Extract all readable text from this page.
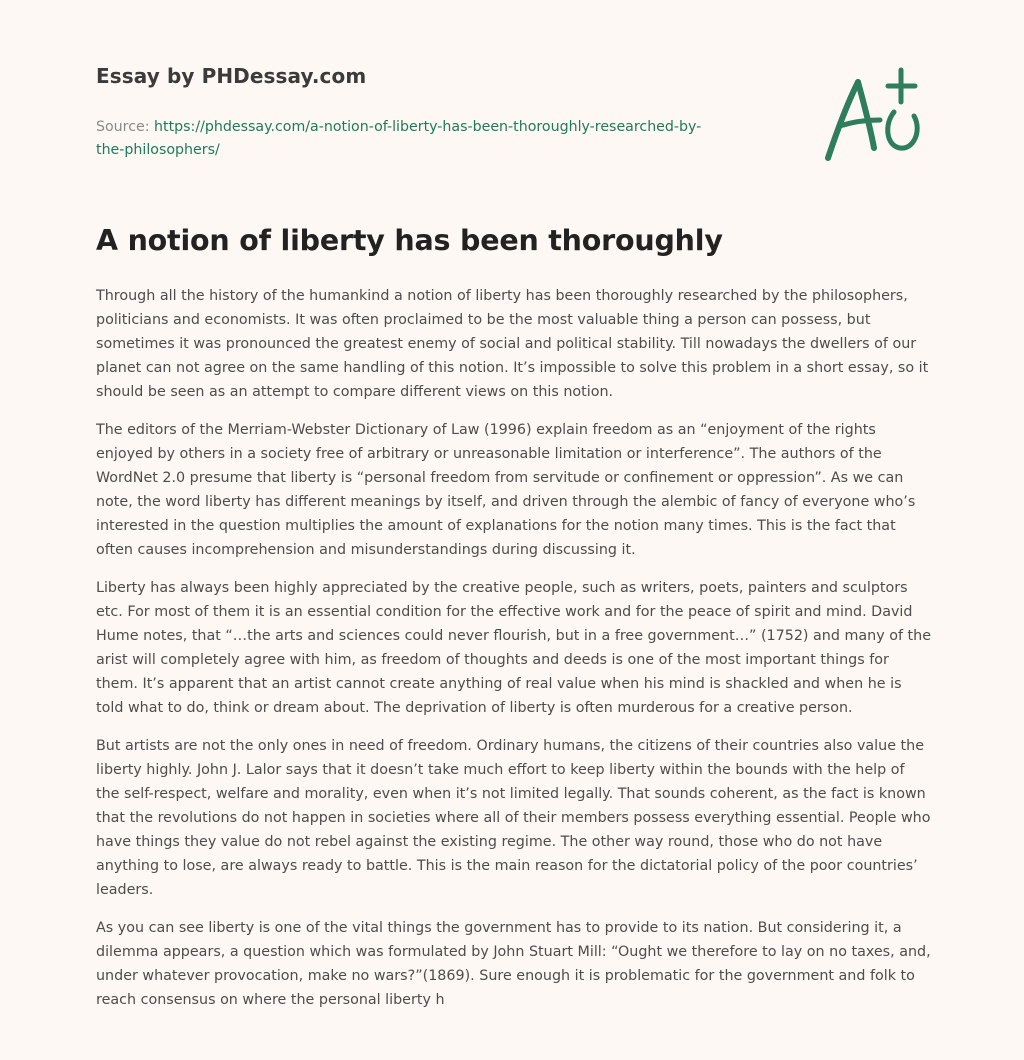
Essay by PHDessay.com
Source: https://phdessay.com/a-notion-of-liberty-has-been-thoroughly-researched-by-
the-philosophers/
A notion of liberty has been thoroughly

Through all the history of the humankind a notion of liberty has been thoroughly researched by the philosophers, politicians and economists. It was often proclaimed to be the most valuable thing a person can possess, but sometimes it was pronounced the greatest enemy of social and political stability. Till nowadays the dwellers of our planet can not agree on the same handling of this notion. It’s impossible to solve this problem in a short essay, so it should be seen as an attempt to compare different views on this notion.

The editors of the Merriam-Webster Dictionary of Law (1996) explain freedom as an “enjoyment of the rights enjoyed by others in a society free of arbitrary or unreasonable limitation or interference”. The authors of the WordNet 2.0 presume that liberty is “personal freedom from servitude or confinement or oppression”. As we can note, the word liberty has different meanings by itself, and driven through the alembic of fancy of everyone who’s interested in the question multiplies the amount of explanations for the notion many times. This is the fact that often causes incomprehension and misunderstandings during discussing it.

Liberty has always been highly appreciated by the creative people, such as writers, poets, painters and sculptors etc. For most of them it is an essential condition for the effective work and for the peace of spirit and mind. David Hume notes, that “…the arts and sciences could never flourish, but in a free government…” (1752) and many of the arist will completely agree with him, as freedom of thoughts and deeds is one of the most important things for them. It’s apparent that an artist cannot create anything of real value when his mind is shackled and when he is told what to do, think or dream about. The deprivation of liberty is often murderous for a creative person.

But artists are not the only ones in need of freedom. Ordinary humans, the citizens of their countries also value the liberty highly. John J. Lalor says that it doesn’t take much effort to keep liberty within the bounds with the help of the self-respect, welfare and morality, even when it’s not limited legally. That sounds coherent, as the fact is known that the revolutions do not happen in societies where all of their members possess everything essential. People who have things they value do not rebel against the existing regime. The other way round, those who do not have anything to lose, are always ready to battle. This is the main reason for the dictatorial policy of the poor countries’ leaders.

As you can see liberty is one of the vital things the government has to provide to its nation. But considering it, a dilemma appears, a question which was formulated by John Stuart Mill: “Ought we therefore to lay on no taxes, and, under whatever provocation, make no wars?”(1869). Sure enough it is problematic for the government and folk to reach consensus on where the personal liberty h
